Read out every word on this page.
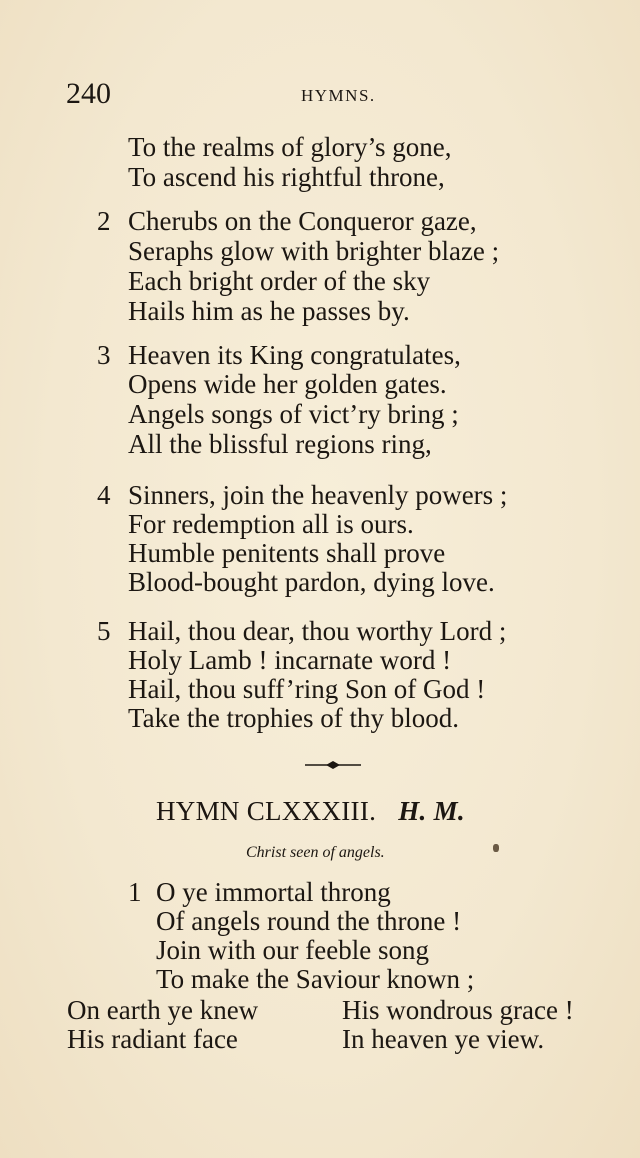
240	HYMNS.
To the realms of glory’s gone,
To ascend his rightful throne,
2 Cherubs on the Conqueror gaze,
Seraphs glow with brighter blaze ;
Each bright order of the sky
Hails him as he passes by.
3 Heaven its King congratulates,
Opens wide her golden gates.
Angels songs of vict’ry bring ;
All the blissful regions ring,
4 Sinners, join the heavenly powers ;
For redemption all is ours.
Humble penitents shall prove
Blood-bought pardon, dying love.
5 Hail, thou dear, thou worthy Lord ;
Holy Lamb ! incarnate word !
Hail, thou suff’ring Son of God !
Take the trophies of thy blood.
HYMN CLXXXIII. H. M.
Christ seen of angels.
1 O ye immortal throng
Of angels round the throne !
Join with our feeble song
To make the Saviour known ;
On earth ye knew	His wondrous grace !
His radiant face	In heaven ye view.
